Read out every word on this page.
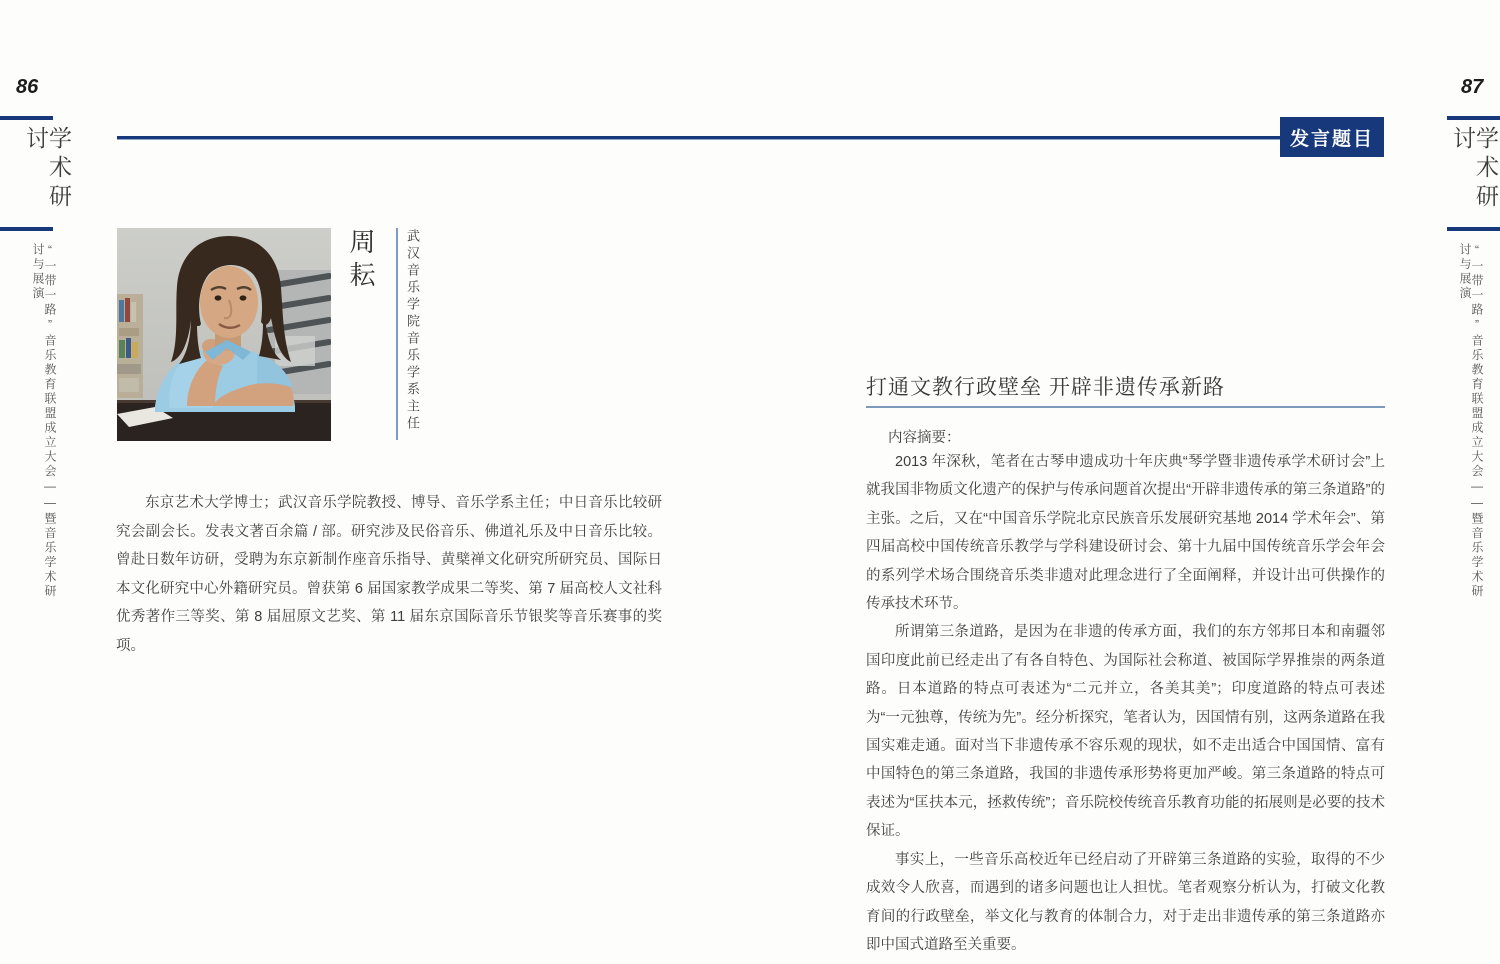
86
学术研讨
“一带一路”音乐教育联盟成立大会——暨音乐学术研讨与展演
发言题目
周耘 武汉音乐学院音乐学系主任
东京艺术大学博士；武汉音乐学院教授、博导、音乐学系主任；中日音乐比较研究会副会长。发表文著百余篇 / 部。研究涉及民俗音乐、佛道礼乐及中日音乐比较。曾赴日数年访研，受聘为东京新制作座音乐指导、黄檗禅文化研究所研究员、国际日本文化研究中心外籍研究员。曾获第 6 届国家教学成果二等奖、第 7 届高校人文社科优秀著作三等奖、第 8 届屈原文艺奖、第 11 届东京国际音乐节银奖等音乐赛事的奖项。
87
学术研讨
“一带一路”音乐教育联盟成立大会——暨音乐学术研讨与展演
打通文教行政壁垒 开辟非遗传承新路
内容摘要：

2013 年深秋，笔者在古琴申遗成功十年庆典“琴学暨非遗传承学术研讨会”上就我国非物质文化遗产的保护与传承问题首次提出“开辟非遗传承的第三条道路”的主张。之后，又在“中国音乐学院北京民族音乐发展研究基地 2014 学术年会”、第四届高校中国传统音乐教学与学科建设研讨会、第十九届中国传统音乐学会年会的系列学术场合围绕音乐类非遗对此理念进行了全面阐释，并设计出可供操作的传承技术环节。

所谓第三条道路，是因为在非遗的传承方面，我们的东方邻邦日本和南疆邻国印度此前已经走出了有各自特色、为国际社会称道、被国际学界推崇的两条道路。日本道路的特点可表述为“二元并立，各美其美”；印度道路的特点可表述为“一元独尊，传统为先”。经分析探究，笔者认为，因国情有别，这两条道路在我国实难走通。面对当下非遗传承不容乐观的现状，如不走出适合中国国情、富有中国特色的第三条道路，我国的非遗传承形势将更加严峻。第三条道路的特点可表述为“匡扶本元，拯救传统”；音乐院校传统音乐教育功能的拓展则是必要的技术保证。

事实上，一些音乐高校近年已经启动了开辟第三条道路的实验，取得的不少成效令人欣喜，而遇到的诸多问题也让人担忧。笔者观察分析认为，打破文化教育间的行政壁垒，举文化与教育的体制合力，对于走出非遗传承的第三条道路亦即中国式道路至关重要。
